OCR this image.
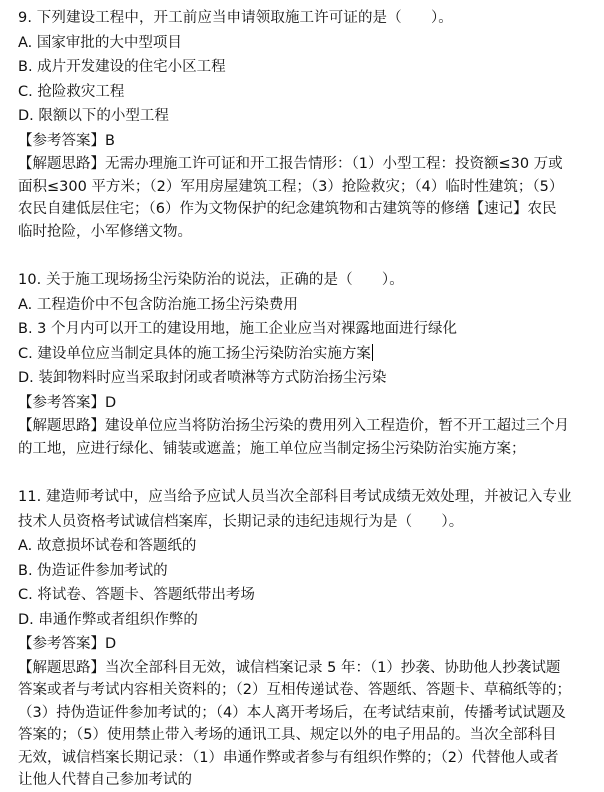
9. 下列建设工程中，开工前应当申请领取施工许可证的是（　　）。

A. 国家审批的大中型项目

B. 成片开发建设的住宅小区工程

C. 抢险救灾工程

D. 限额以下的小型工程

【参考答案】B

【解题思路】无需办理施工许可证和开工报告情形：（1）小型工程：投资额≤30 万或
面积≤300 平方米；（2）军用房屋建筑工程；（3）抢险救灾；（4）临时性建筑；（5）
农民自建低层住宅；（6）作为文物保护的纪念建筑物和古建筑等的修缮【速记】农民
临时抢险，小军修缮文物。

10. 关于施工现场扬尘污染防治的说法，正确的是（　　）。

A. 工程造价中不包含防治施工扬尘污染费用

B. 3 个月内可以开工的建设用地，施工企业应当对裸露地面进行绿化

C. 建设单位应当制定具体的施工扬尘污染防治实施方案

D. 装卸物料时应当采取封闭或者喷淋等方式防治扬尘污染

【参考答案】D

【解题思路】建设单位应当将防治扬尘污染的费用列入工程造价，暂不开工超过三个月
的工地，应进行绿化、铺装或遮盖；施工单位应当制定扬尘污染防治实施方案；

11. 建造师考试中，应当给予应试人员当次全部科目考试成绩无效处理，并被记入专业
技术人员资格考试诚信档案库，长期记录的违纪违规行为是（　　）。

A. 故意损坏试卷和答题纸的

B. 伪造证件参加考试的

C. 将试卷、答题卡、答题纸带出考场

D. 串通作弊或者组织作弊的

【参考答案】D

【解题思路】当次全部科目无效，诚信档案记录 5 年：（1）抄袭、协助他人抄袭试题
答案或者与考试内容相关资料的；（2）互相传递试卷、答题纸、答题卡、草稿纸等的；
（3）持伪造证件参加考试的；（4）本人离开考场后，在考试结束前，传播考试试题及
答案的；（5）使用禁止带入考场的通讯工具、规定以外的电子用品的。当次全部科目
无效，诚信档案长期记录：（1）串通作弊或者参与有组织作弊的；（2）代替他人或者
让他人代替自己参加考试的
